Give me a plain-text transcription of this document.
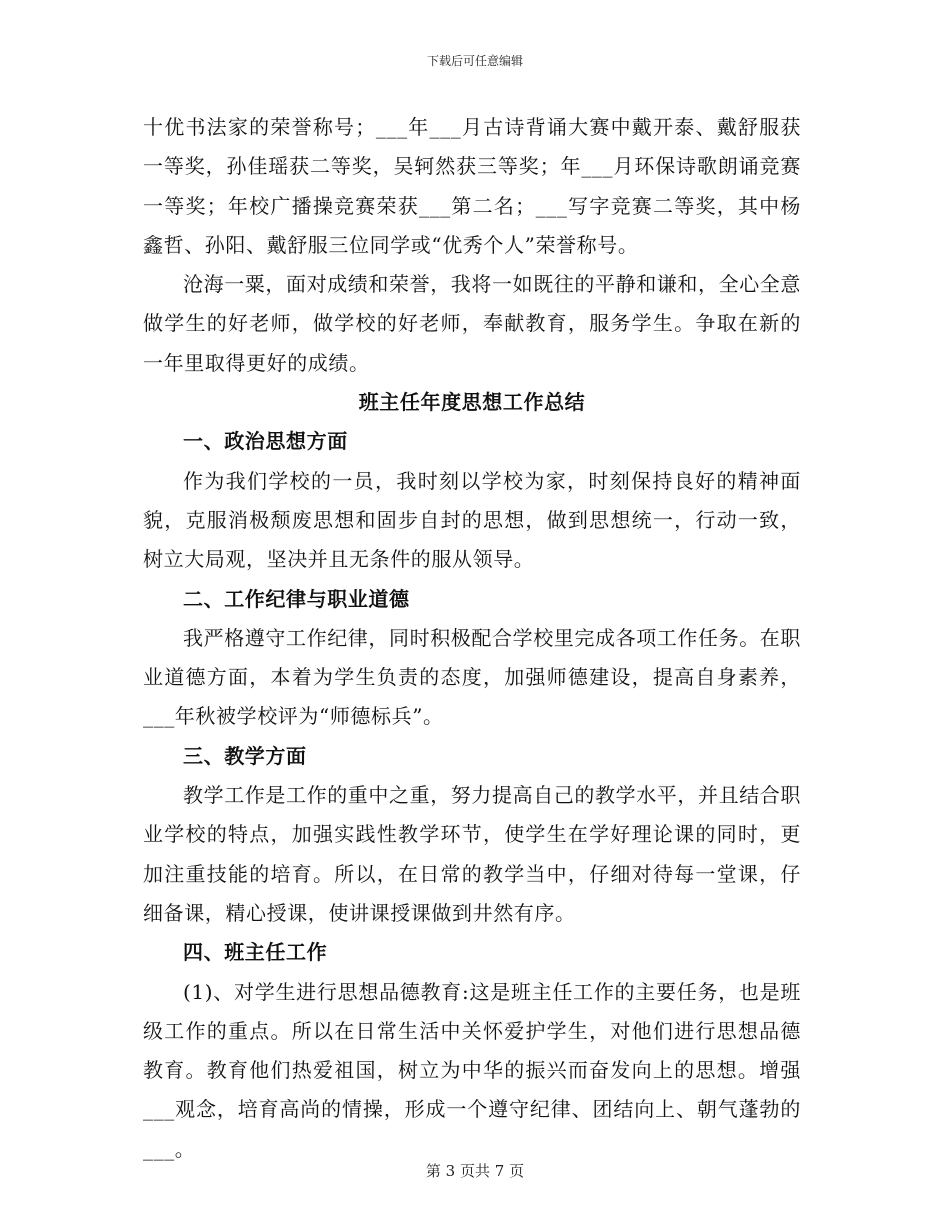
下载后可任意编辑

十优书法家的荣誉称号；___年___月古诗背诵大赛中戴开泰、戴舒服获一等奖，孙佳瑶获二等奖，吴轲然获三等奖；年___月环保诗歌朗诵竞赛一等奖；年校广播操竞赛荣获___第二名；___写字竞赛二等奖，其中杨鑫哲、孙阳、戴舒服三位同学或“优秀个人”荣誉称号。

沧海一粟，面对成绩和荣誉，我将一如既往的平静和谦和，全心全意做学生的好老师，做学校的好老师，奉献教育，服务学生。争取在新的一年里取得更好的成绩。

班主任年度思想工作总结
一、政治思想方面

作为我们学校的一员，我时刻以学校为家，时刻保持良好的精神面貌，克服消极颓废思想和固步自封的思想，做到思想统一，行动一致，树立大局观，坚决并且无条件的服从领导。

二、工作纪律与职业道德

我严格遵守工作纪律，同时积极配合学校里完成各项工作任务。在职业道德方面，本着为学生负责的态度，加强师德建设，提高自身素养，___年秋被学校评为“师德标兵”。

三、教学方面

教学工作是工作的重中之重，努力提高自己的教学水平，并且结合职业学校的特点，加强实践性教学环节，使学生在学好理论课的同时，更加注重技能的培育。所以，在日常的教学当中，仔细对待每一堂课，仔细备课，精心授课，使讲课授课做到井然有序。

四、班主任工作

(1)、对学生进行思想品德教育:这是班主任工作的主要任务，也是班级工作的重点。所以在日常生活中关怀爱护学生，对他们进行思想品德教育。教育他们热爱祖国，树立为中华的振兴而奋发向上的思想。增强___观念，培育高尚的情操，形成一个遵守纪律、团结向上、朝气蓬勃的___。

第 3 页共 7 页
